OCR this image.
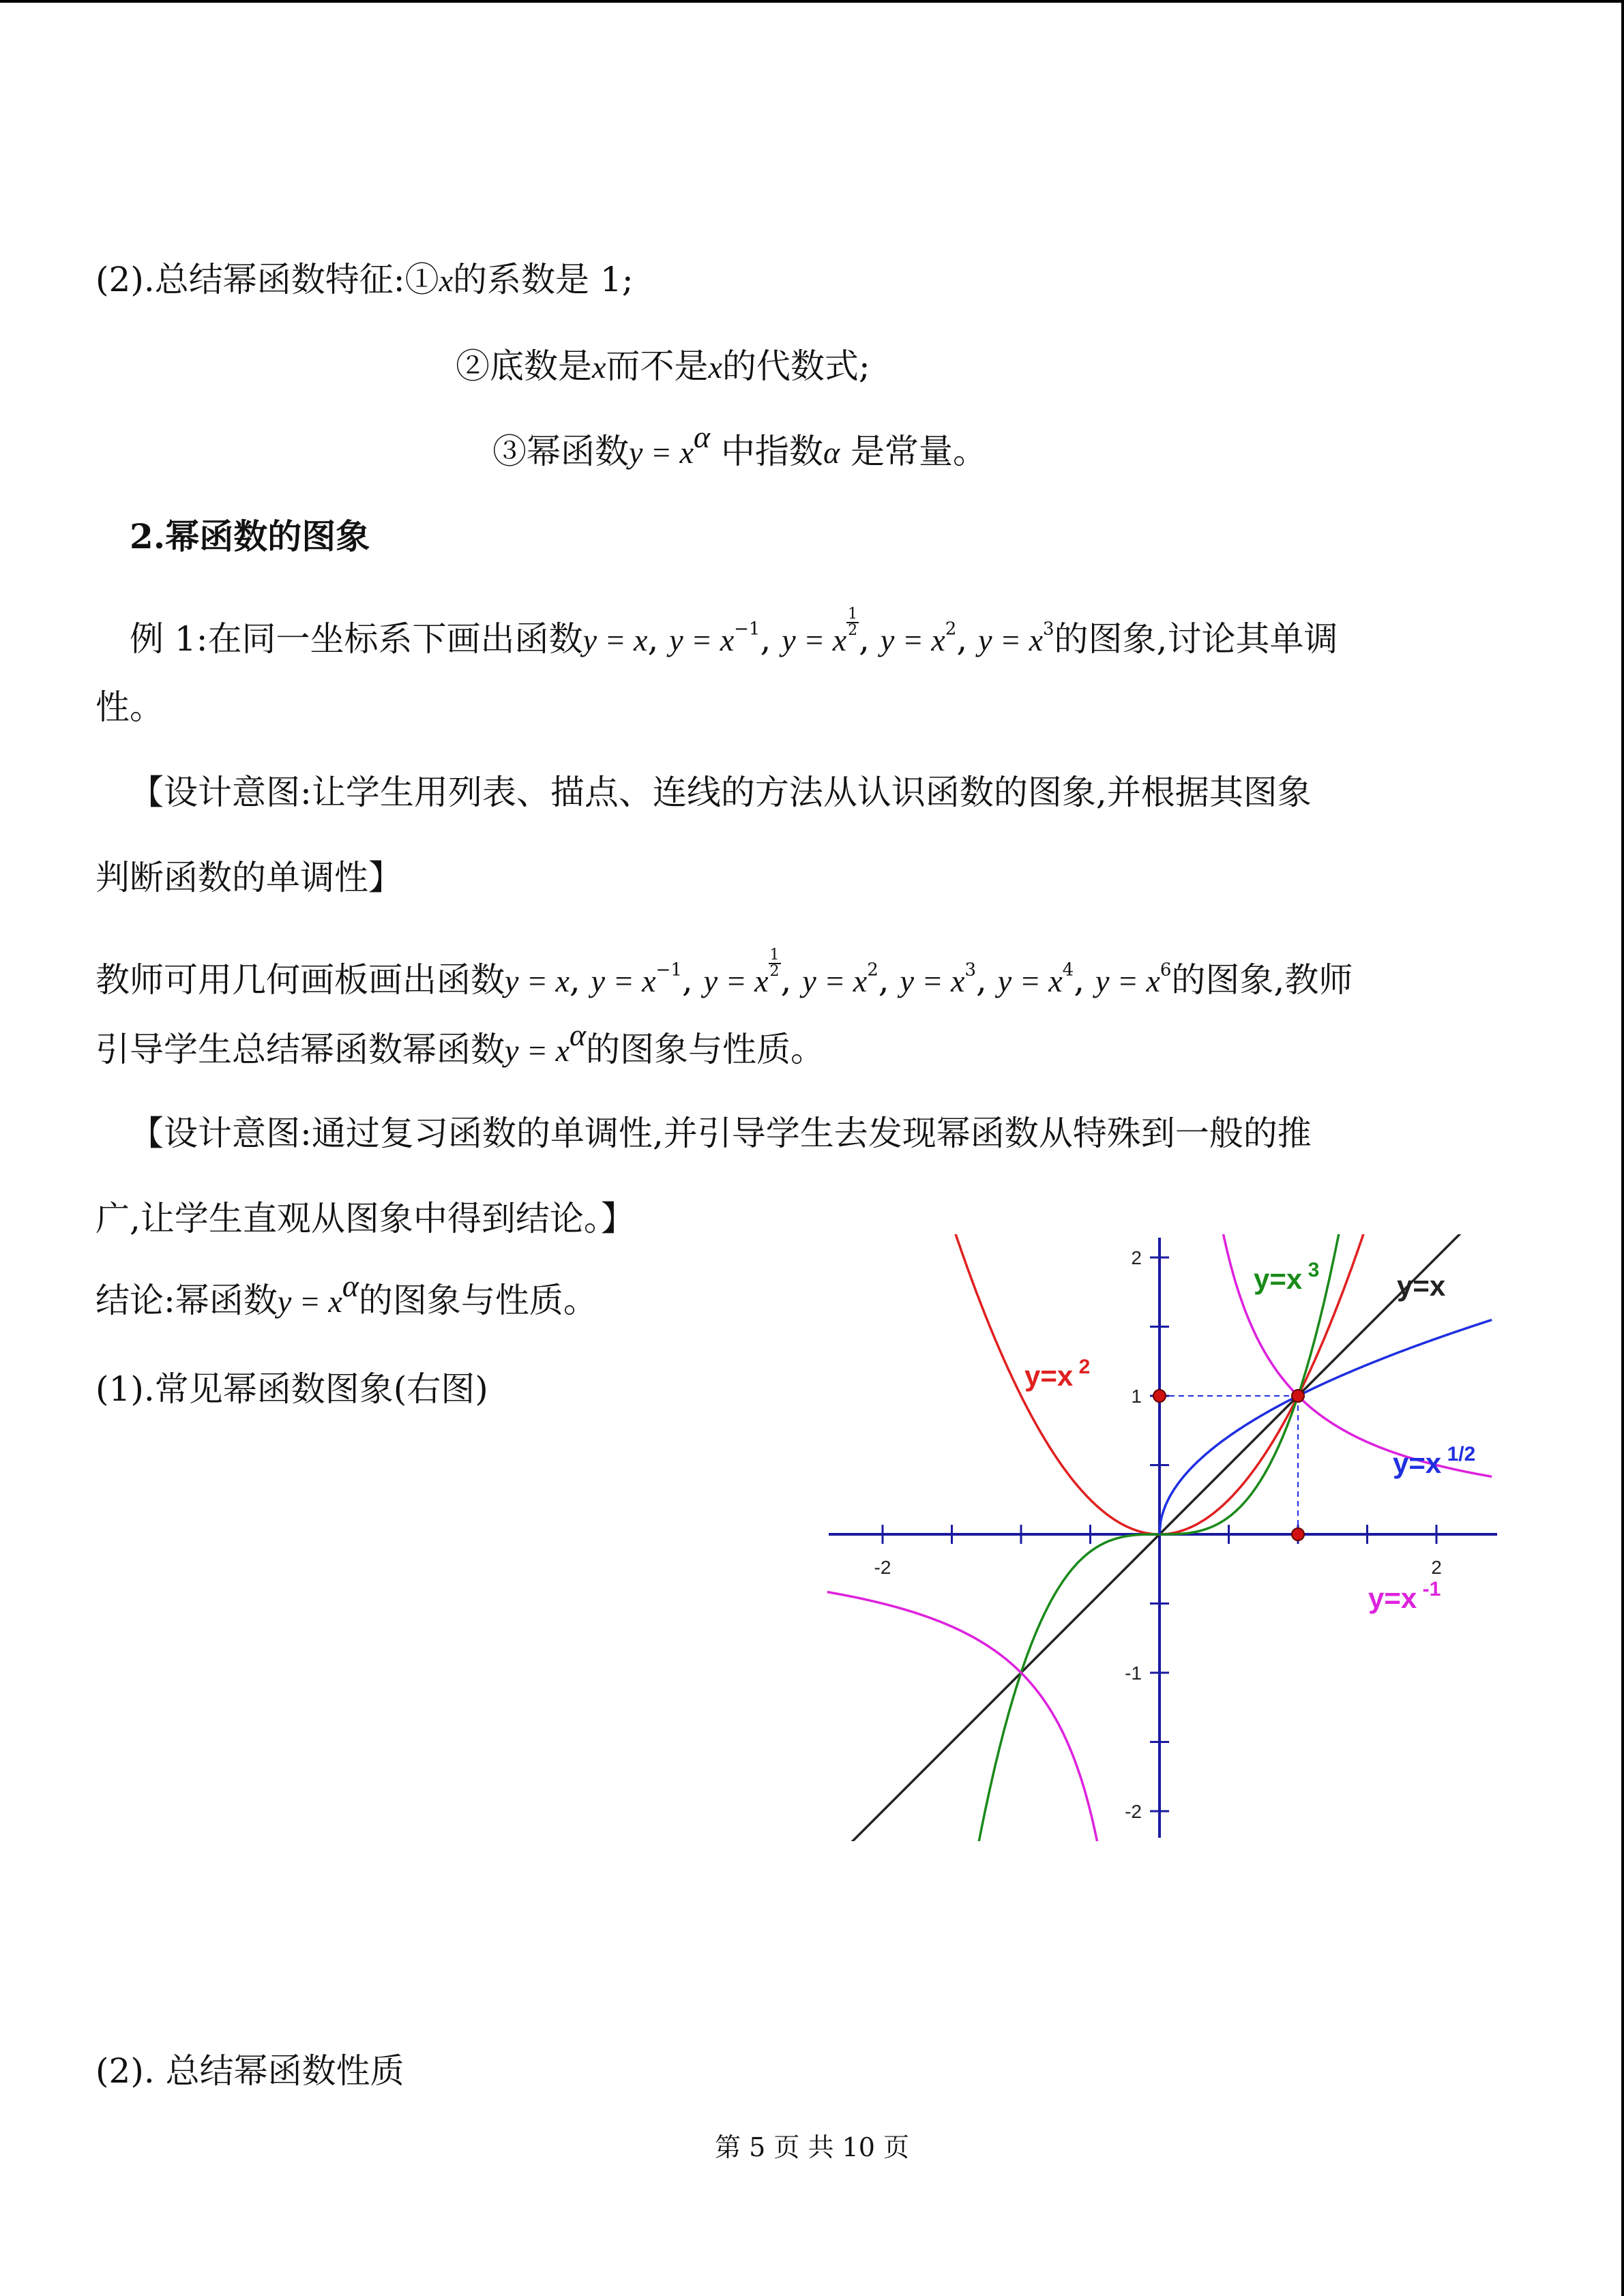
(2).总结幂函数特征:①x的系数是 1;
②底数是x而不是x的代数式;
③幂函数$y = x^\alpha$ 中指数α 是常量。
2.幂函数的图象
例 1:在同一坐标系下画出函数y = x, $y = x^{-1}$, y = x
$\frac{1}{2}$ , $y = x^2$, $y = x^3$的图象,讨论其单调
性。
【设计意图:让学生用列表、描点、连线的方法从认识函数的图象,并根据其图象
判断函数的单调性】
教师可用几何画板画出函数y = x, $y = x^{-1}$, y = x
$\frac{1}{2}$ , $y = x^2$, $y = x^3$, $y = x^4$, $y = x^6$的图象,教师
引导学生总结幂函数幂函数$y = x^\alpha$的图象与性质。
【设计意图:通过复习函数的单调性,并引导学生去发现幂函数从特殊到一般的推
广,让学生直观从图象中得到结论。】
结论:幂函数$y = x^\alpha$的图象与性质。
(1).常见幂函数图象(右图)
(2). 总结幂函数性质
-2	2
-2
-1
1
2
y=x
y=x $^2$
y=x $^3$
y=x $^{1/2}$
y=x $^{-1}$
第 5 页 共 10 页
